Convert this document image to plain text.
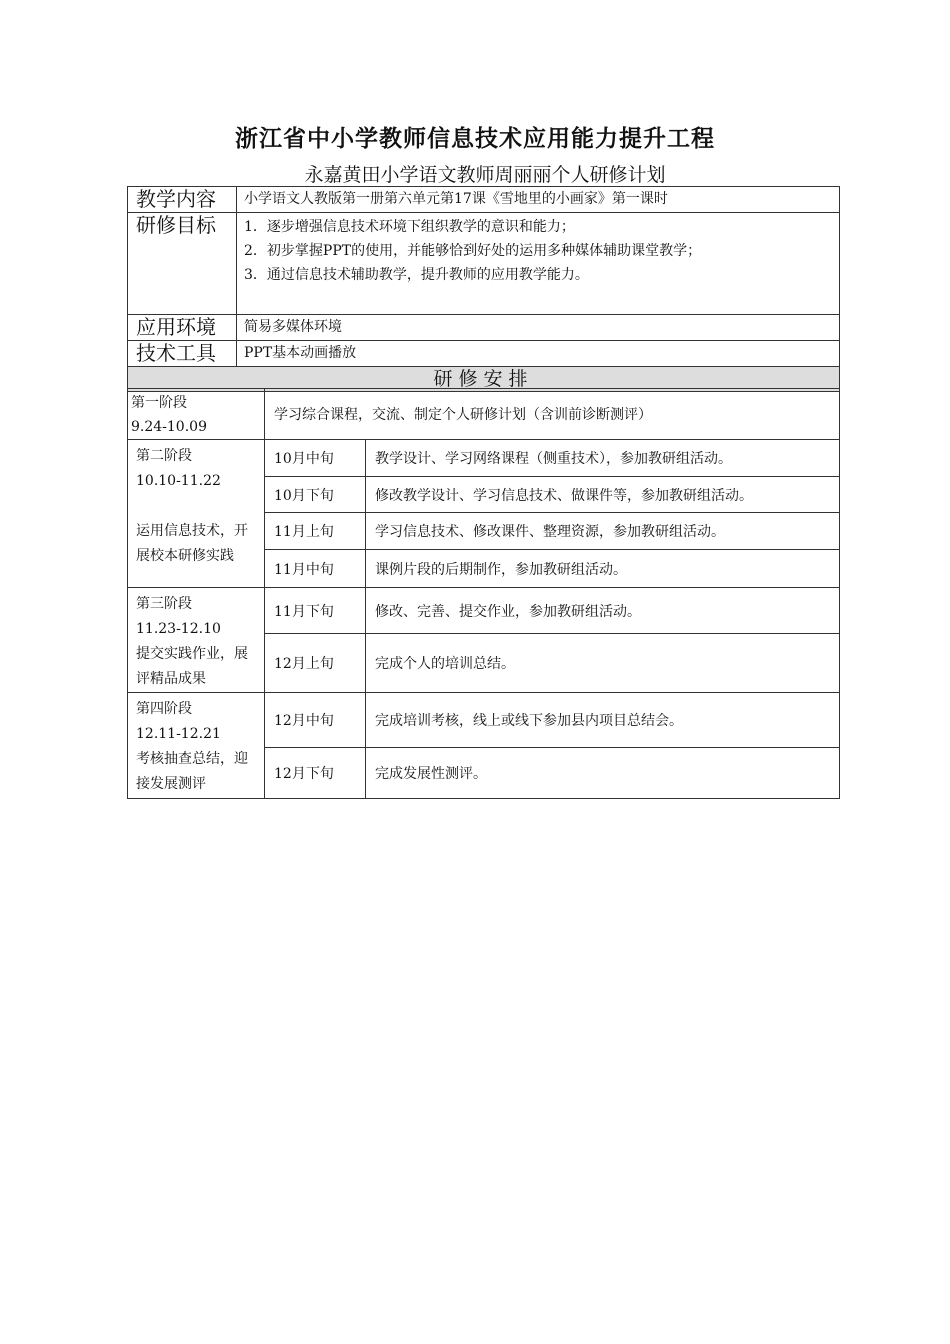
浙江省中小学教师信息技术应用能力提升工程
永嘉黄田小学语文教师周丽丽个人研修计划
教学内容	小学语文人教版第一册第六单元第17课《雪地里的小画家》第一课时
研修目标	1．逐步增强信息技术环境下组织教学的意识和能力；
2．初步掌握PPT的使用，并能够恰到好处的运用多种媒体辅助课堂教学；
3．通过信息技术辅助教学，提升教师的应用教学能力。

应用环境	简易多媒体环境
技术工具	PPT基本动画播放
研修安排	
第一阶段
9.24-10.09	学习综合课程，交流、制定个人研修计划（含训前诊断测评）	

第二阶段
10.10-11.22
运用信息技术，开展校本研修实践	10月中旬	教学设计、学习网络课程（侧重技术），参加教研组活动。
	10月下旬	修改教学设计、学习信息技术、做课件等，参加教研组活动。
	11月上旬	学习信息技术、修改课件、整理资源，参加教研组活动。
	11月中旬	课例片段的后期制作，参加教研组活动。

第三阶段
11.23-12.10
提交实践作业，展评精品成果	11月下旬	修改、完善、提交作业，参加教研组活动。
	12月上旬	完成个人的培训总结。

第四阶段
12.11-12.21
考核抽查总结，迎接发展测评	12月中旬	完成培训考核，线上或线下参加县内项目总结会。
	12月下旬	完成发展性测评。
